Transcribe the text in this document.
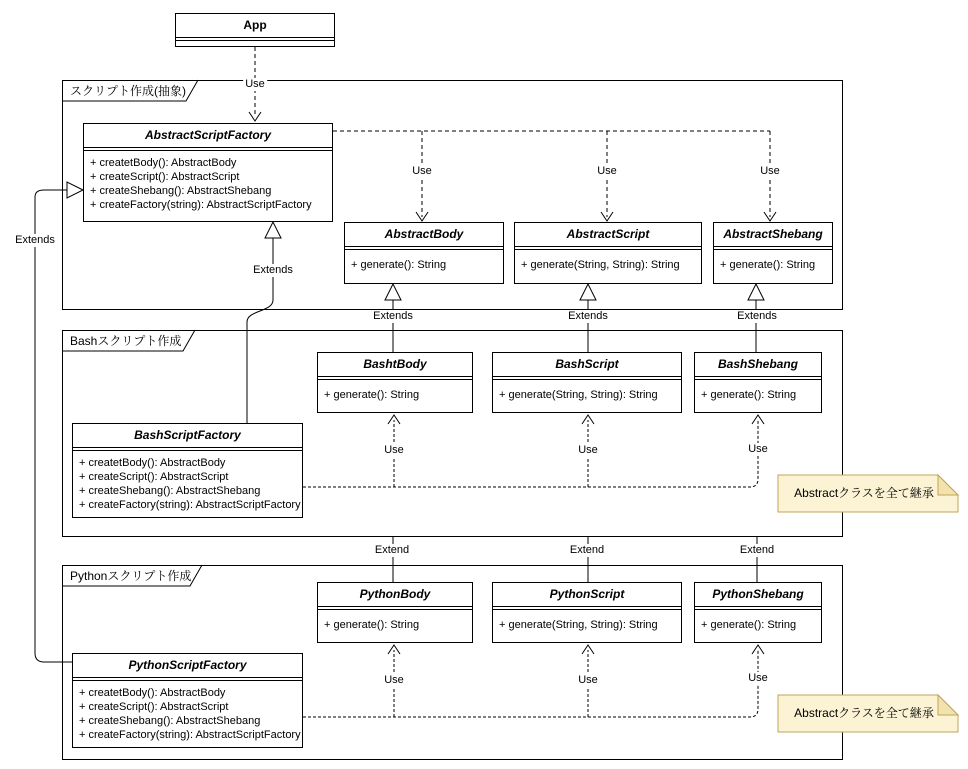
スクリプト作成(抽象)
Bashスクリプト作成
Pythonスクリプト作成
App
AbstractScriptFactory
+ createtBody(): AbstractBody
+ createScript(): AbstractScript
+ createShebang(): AbstractShebang
+ createFactory(string): AbstractScriptFactory
AbstractBody
+ generate(): String
AbstractScript
+ generate(String, String): String
AbstractShebang
+ generate(): String
BashtBody
+ generate(): String
BashScript
+ generate(String, String): String
BashShebang
+ generate(): String
BashScriptFactory
+ createtBody(): AbstractBody
+ createScript(): AbstractScript
+ createShebang(): AbstractShebang
+ createFactory(string): AbstractScriptFactory
PythonBody
+ generate(): String
PythonScript
+ generate(String, String): String
PythonShebang
+ generate(): String
PythonScriptFactory
+ createtBody(): AbstractBody
+ createScript(): AbstractScript
+ createShebang(): AbstractShebang
+ createFactory(string): AbstractScriptFactory
Abstractクラスを全て継承
Abstractクラスを全て継承
Use
Use	Use	Use
Extends
Extends
Extends	Extends	Extends
Use	Use	Use
Extend	Extend	Extend
Use	Use	Use
